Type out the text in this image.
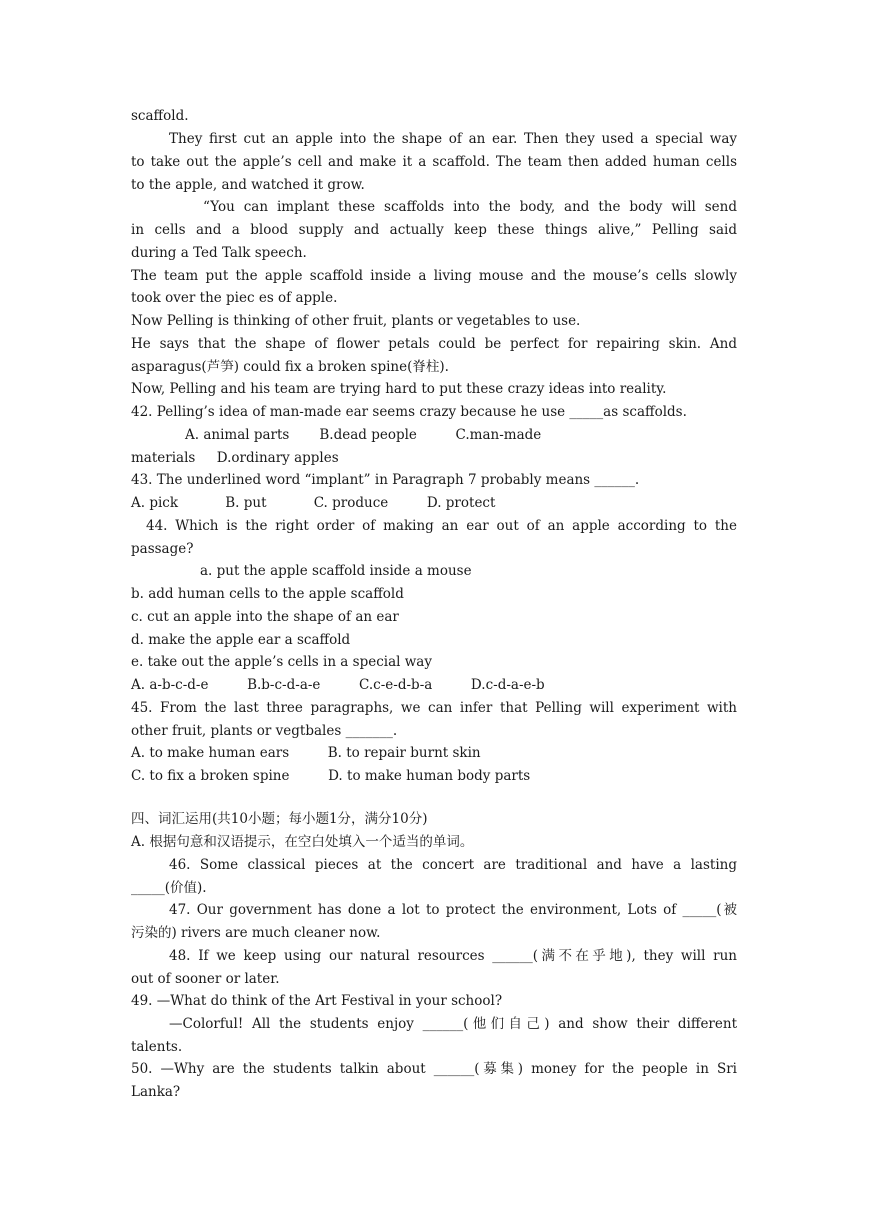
scaffold.
They first cut an apple into the shape of an ear. Then they used a special way
to take out the apple’s cell and make it a scaffold. The team then added human cells
to the apple, and watched it grow.
“You can implant these scaffolds into the body, and the body will send
in cells and a blood supply and actually keep these things alive,” Pelling said
during a Ted Talk speech.
The team put the apple scaffold inside a living mouse and the mouse’s cells slowly
took over the piec es of apple.
Now Pelling is thinking of other fruit, plants or vegetables to use.
He says that the shape of flower petals could be perfect for repairing skin. And
asparagus(芦笋) could fix a broken spine(脊柱).
Now, Pelling and his team are trying hard to put these crazy ideas into reality.
42. Pelling’s idea of man-made ear seems crazy because he use _____as scaffolds.
A. animal parts       B.dead people         C.man-made
materials     D.ordinary apples
43. The underlined word “implant” in Paragraph 7 probably means ______.
A. pick           B. put           C. produce         D. protect
44. Which is the right order of making an ear out of an apple according to the
passage?
a. put the apple scaffold inside a mouse
b. add human cells to the apple scaffold
c. cut an apple into the shape of an ear
d. make the apple ear a scaffold
e. take out the apple’s cells in a special way
A. a-b-c-d-e         B.b-c-d-a-e         C.c-e-d-b-a         D.c-d-a-e-b
45. From the last three paragraphs, we can infer that Pelling will experiment with
other fruit, plants or vegtbales _______.
A. to make human ears         B. to repair burnt skin
C. to fix a broken spine         D. to make human body parts
四、词汇运用(共10小题；每小题1分，满分10分)
A. 根据句意和汉语提示，在空白处填入一个适当的单词。
46. Some classical pieces at the concert are traditional and have a lasting
_____(价值).
47. Our government has done a lot to protect the environment, Lots of _____(被
污染的) rivers are much cleaner now.
48. If we keep using our natural resources ______(满不在乎地), they will run
out of sooner or later.
49. —What do think of the Art Festival in your school?
—Colorful! All the students enjoy ______(他们自己) and show their different
talents.
50. —Why are the students talkin about ______(募集) money for the people in Sri
Lanka?
